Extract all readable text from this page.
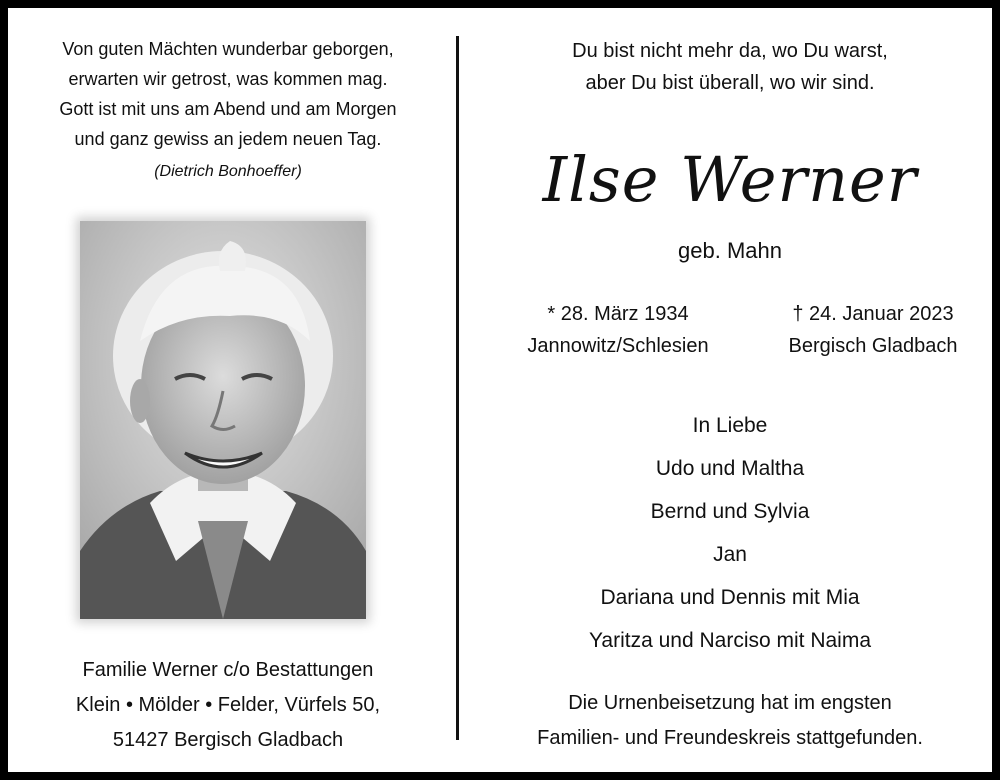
Von guten Mächten wunderbar geborgen,
erwarten wir getrost, was kommen mag.
Gott ist mit uns am Abend und am Morgen
und ganz gewiss an jedem neuen Tag.
(Dietrich Bonhoeffer)
Familie Werner c/o Bestattungen
Klein • Mölder • Felder, Vürfels 50,
51427 Bergisch Gladbach
Du bist nicht mehr da, wo Du warst,
aber Du bist überall, wo wir sind.
Ilse Werner
geb. Mahn
* 28. März 1934
Jannowitz/Schlesien
† 24. Januar 2023
Bergisch Gladbach
In Liebe
Udo und Maltha
Bernd und Sylvia
Jan
Dariana und Dennis mit Mia
Yaritza und Narciso mit Naima
Die Urnenbeisetzung hat im engsten
Familien- und Freundeskreis stattgefunden.
